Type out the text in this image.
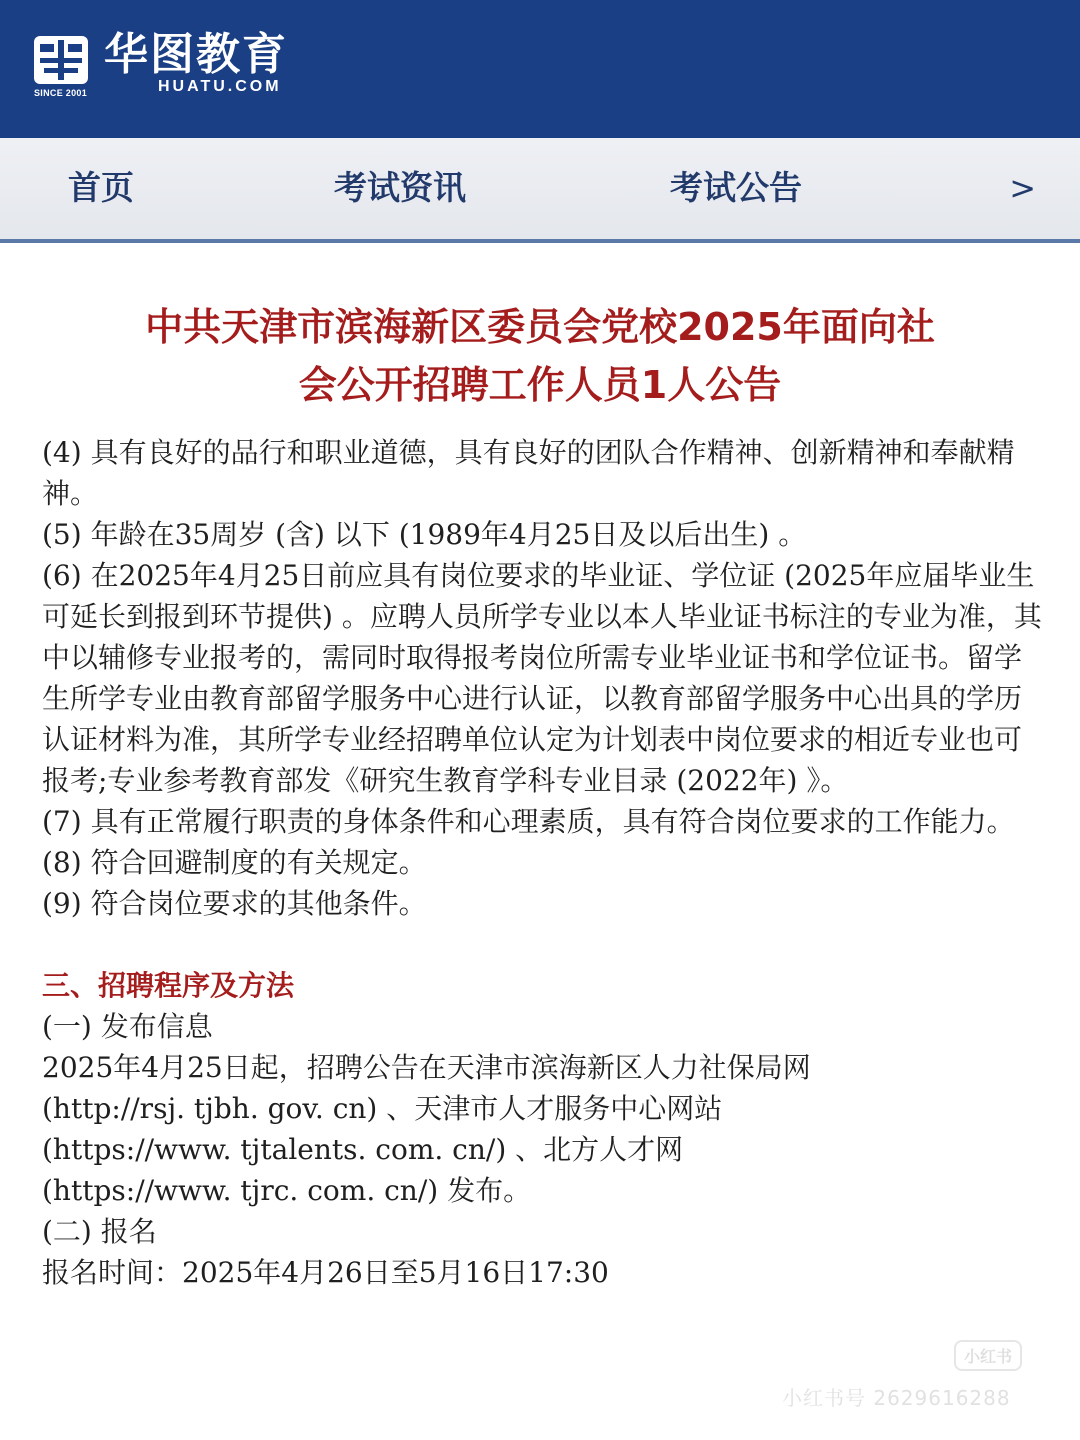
SINCE 2001
华图教育
HUATU.COM
首页	考试资讯	考试公告	>
中共天津市滨海新区委员会党校2025年面向社
会公开招聘工作人员1人公告

(4) 具有良好的品行和职业道德，具有良好的团队合作精神、创新精神和奉献精神。

(5) 年龄在35周岁 (含) 以下 (1989年4月25日及以后出生) 。

(6) 在2025年4月25日前应具有岗位要求的毕业证、学位证 (2025年应届毕业生可延长到报到环节提供) 。应聘人员所学专业以本人毕业证书标注的专业为准，其中以辅修专业报考的，需同时取得报考岗位所需专业毕业证书和学位证书。留学生所学专业由教育部留学服务中心进行认证，以教育部留学服务中心出具的学历认证材料为准，其所学专业经招聘单位认定为计划表中岗位要求的相近专业也可报考;专业参考教育部发《研究生教育学科专业目录 (2022年) 》。

(7) 具有正常履行职责的身体条件和心理素质，具有符合岗位要求的工作能力。

(8) 符合回避制度的有关规定。

(9) 符合岗位要求的其他条件。

三、招聘程序及方法

(一) 发布信息

2025年4月25日起，招聘公告在天津市滨海新区人力社保局网

(http://rsj. tjbh. gov. cn) 、天津市人才服务中心网站

(https://www. tjtalents. com. cn/) 、北方人才网

(https://www. tjrc. com. cn/) 发布。

(二) 报名

报名时间：2025年4月26日至5月16日17:30

小红书
小红书号 2629616288
